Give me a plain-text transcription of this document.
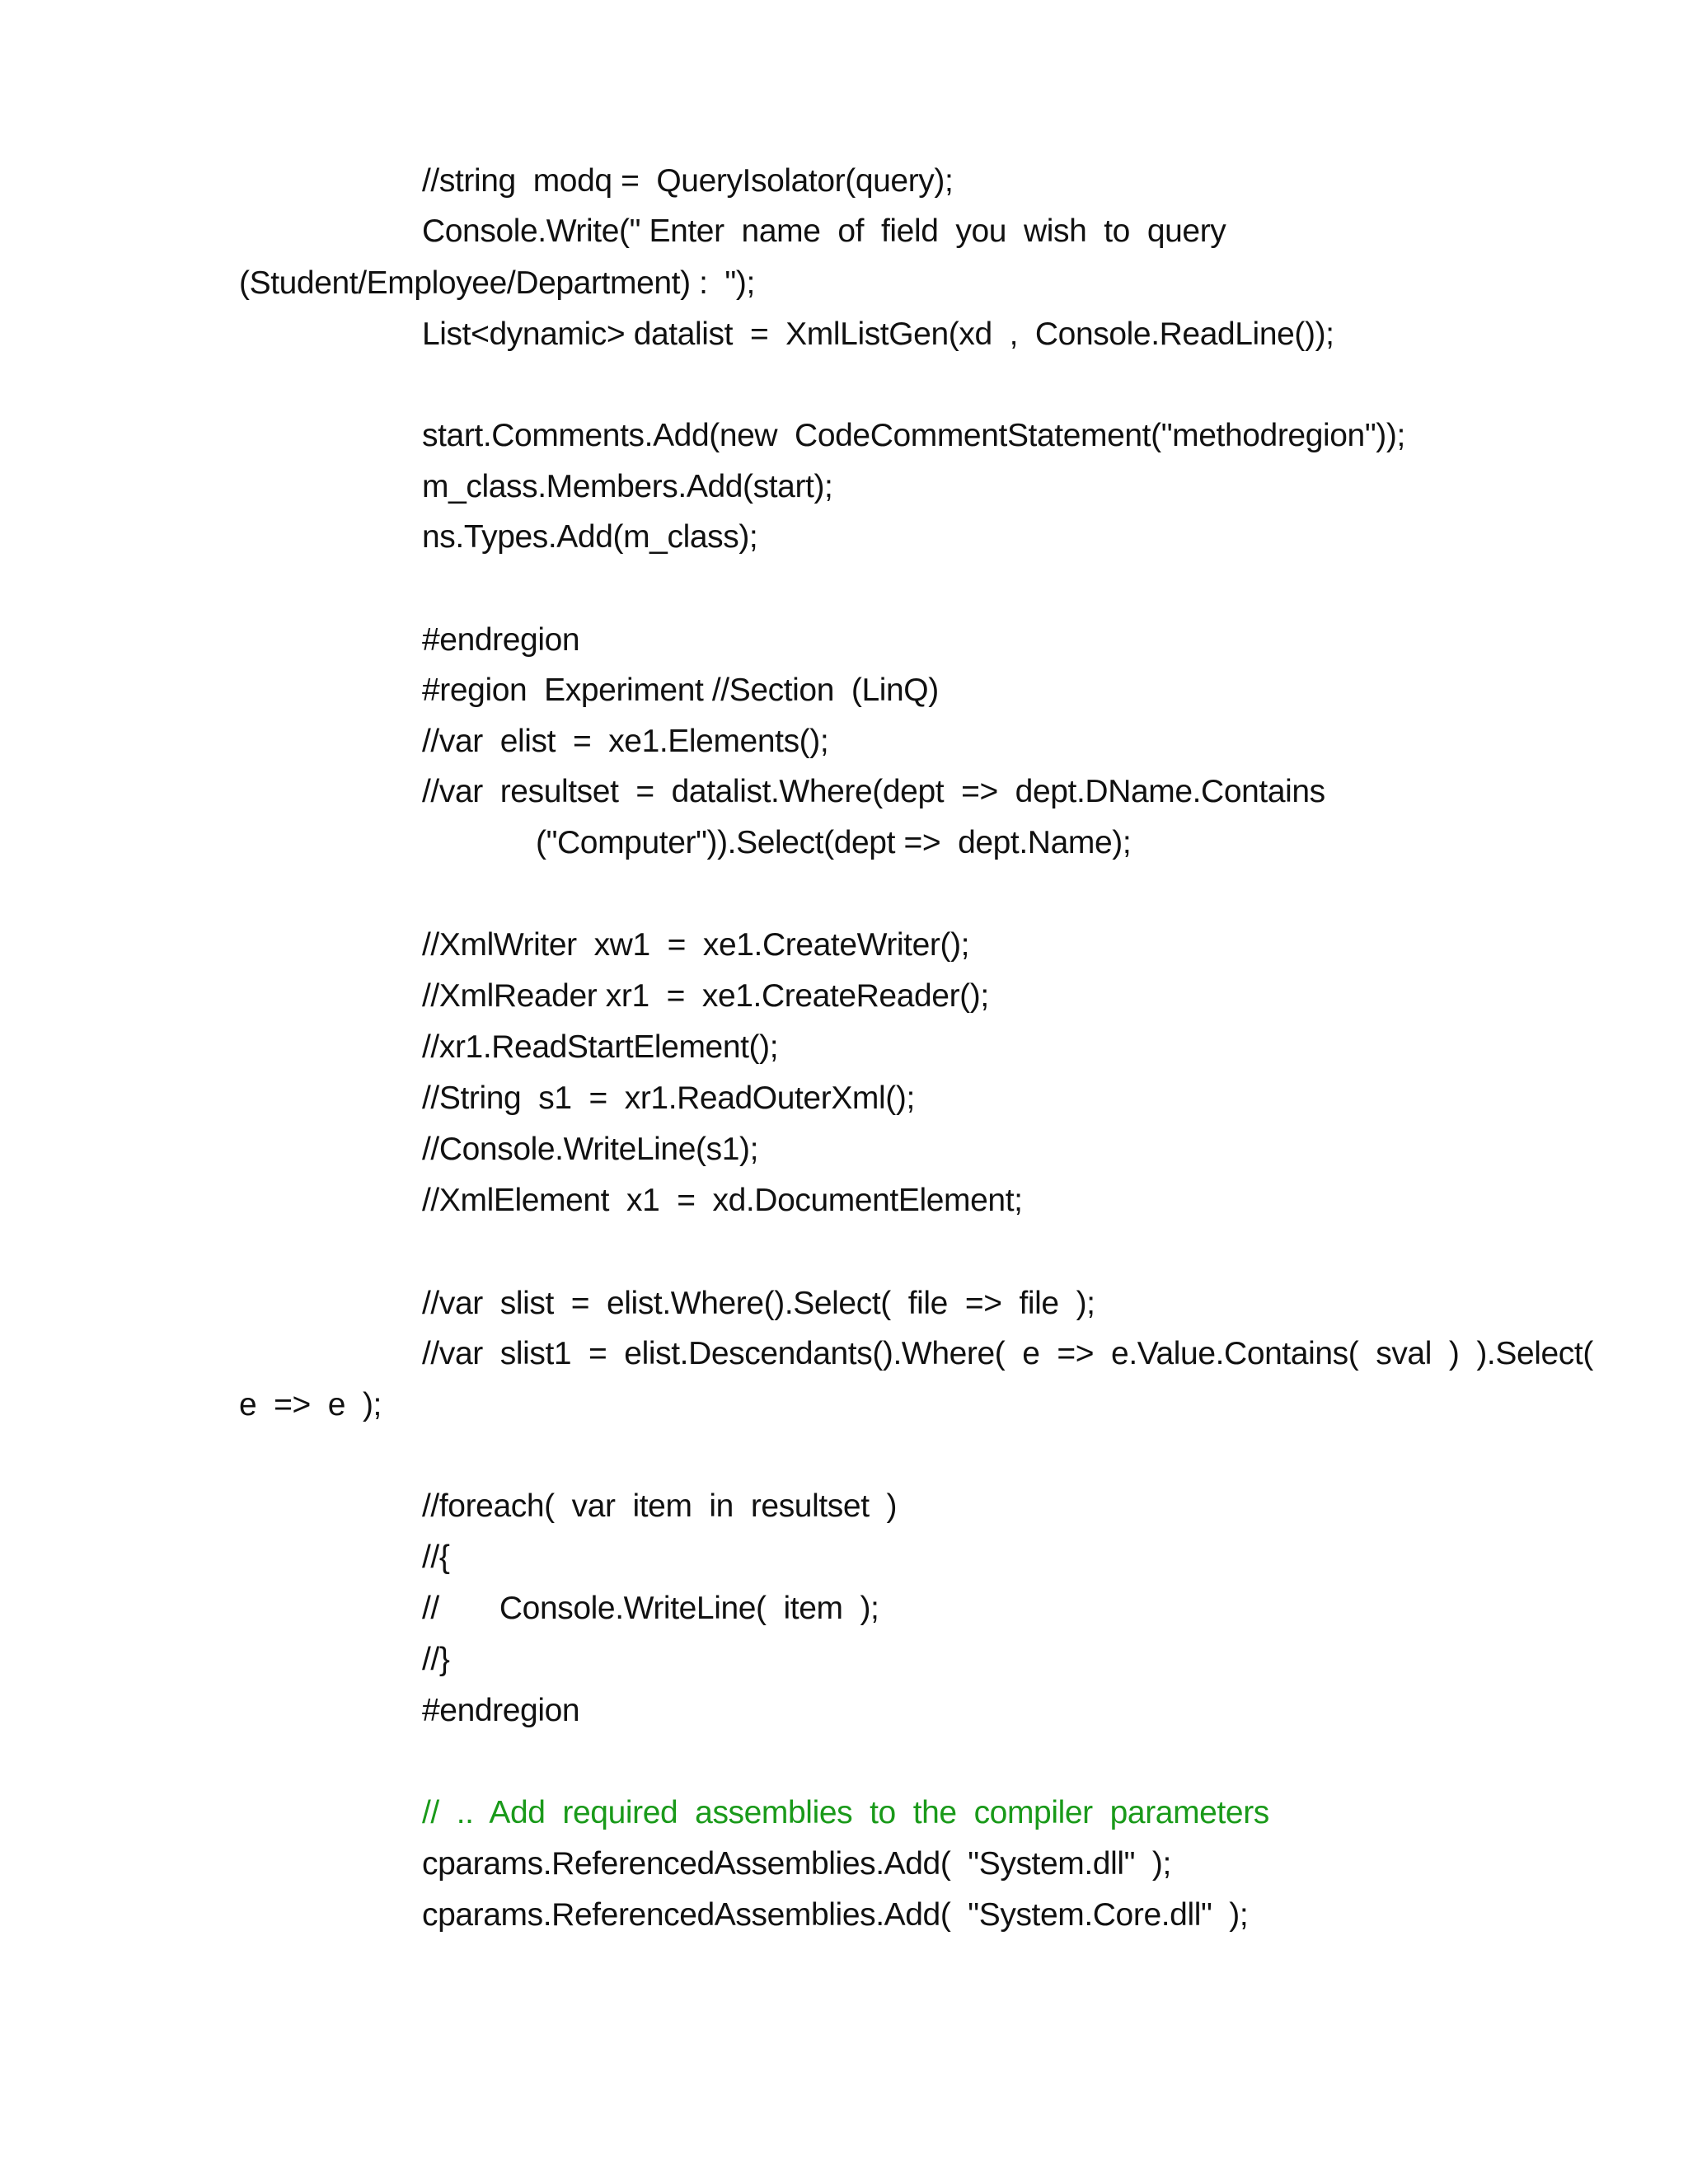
//string  modq =  QueryIsolator(query);

Console.Write(" Enter  name  of  field  you  wish  to  query

(Student/Employee/Department) :  ");

List<dynamic> datalist  =  XmlListGen(xd  ,  Console.ReadLine());

start.Comments.Add(new  CodeCommentStatement("methodregion"));

m_class.Members.Add(start);

ns.Types.Add(m_class);

#endregion

#region  Experiment //Section  (LinQ)

//var  elist  =  xe1.Elements();

//var  resultset  =  datalist.Where(dept  =>  dept.DName.Contains

("Computer")).Select(dept =>  dept.Name);

//XmlWriter  xw1  =  xe1.CreateWriter();

//XmlReader xr1  =  xe1.CreateReader();

//xr1.ReadStartElement();

//String  s1  =  xr1.ReadOuterXml();

//Console.WriteLine(s1);

//XmlElement  x1  =  xd.DocumentElement;

//var  slist  =  elist.Where().Select(  file  =>  file  );

//var  slist1  =  elist.Descendants().Where(  e  =>  e.Value.Contains(  sval  )  ).Select(

e  =>  e  );

//foreach(  var  item  in  resultset  )

//{

//       Console.WriteLine(  item  );

//}

#endregion

//  ..  Add  required  assemblies  to  the  compiler  parameters

cparams.ReferencedAssemblies.Add(  "System.dll"  );

cparams.ReferencedAssemblies.Add(  "System.Core.dll"  );
